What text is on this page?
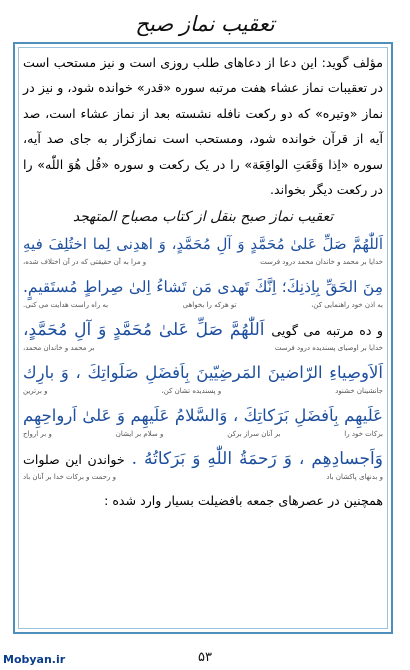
تعقیب نماز صبح

مؤلف گوید: این دعا از دعاهای طلب روزی است و نیز مستحب است در تعقیبات نماز عشاء هفت مرتبه سوره «قدر» خوانده شود، و نیز در نماز «وتیره» که دو رکعت نافله نشسته بعد از نماز عشاء است، صد آیه از قرآن خوانده شود، ومستحب است نمازگزار به جای صد آیه، سوره «اِذا وَقَعَتِ الواقِعَة» را در یک رکعت و سوره «قُل هُوَ اللّٰه» را در رکعت دیگر بخواند.

تعقیب نماز صبح بنقل از کتاب مصباح المتهجد
اَللّٰهُمَّ صَلِّ عَلىٰ مُحَمَّدٍ وَ آلِ مُحَمَّدٍ، وَ اهدِنى لِما اختُلِفَ فيهِ
خدایا بر محمد و خاندان محمد درود فرست
و مرا به آن حقیقتی که در آن اختلاف شده،
مِنَ الحَقِّ بِاِذنِكَ؛ اِنَّكَ تَهدى مَن تَشاءُ اِلىٰ صِراطٍ مُستَقيمٍ.
به اذن خود راهنمایی کن،
تو هرکه را بخواهی
به راه راست هدایت می کنی.
و ده مرتبه می گویی اَللّٰهُمَّ صَلِّ عَلىٰ مُحَمَّدٍ وَ آلِ مُحَمَّدٍ،
خدایا بر اوصیای پسندیده درود فرست
بر محمد و خاندان محمد،
اَلاَوصِياءِ الرّاضينَ المَرضِيّينَ بِاَفضَلِ صَلَواتِكَ ، وَ بارِك
جانشینان خشنود
و پسندیده تشان کن،
و برترین
عَلَيهِم بِاَفضَلِ بَرَكاتِكَ ، وَالسَّلامُ عَلَيهِم وَ عَلىٰ اَرواحِهِم
برکات خود را
بر آنان سراز برکن
و سلام بر ایشان
و بر ارواح
وَاَجسادِهِم ، وَ رَحمَةُ اللّٰهِ وَ بَرَكاتُهُ . خواندن این صلوات
و بدنهای پاکشان باد
و رحمت و برکات خدا بر آنان باد
همچنین در عصرهای جمعه بافضیلت بسیار وارد شده :
Mobyan.ir	۵۳
